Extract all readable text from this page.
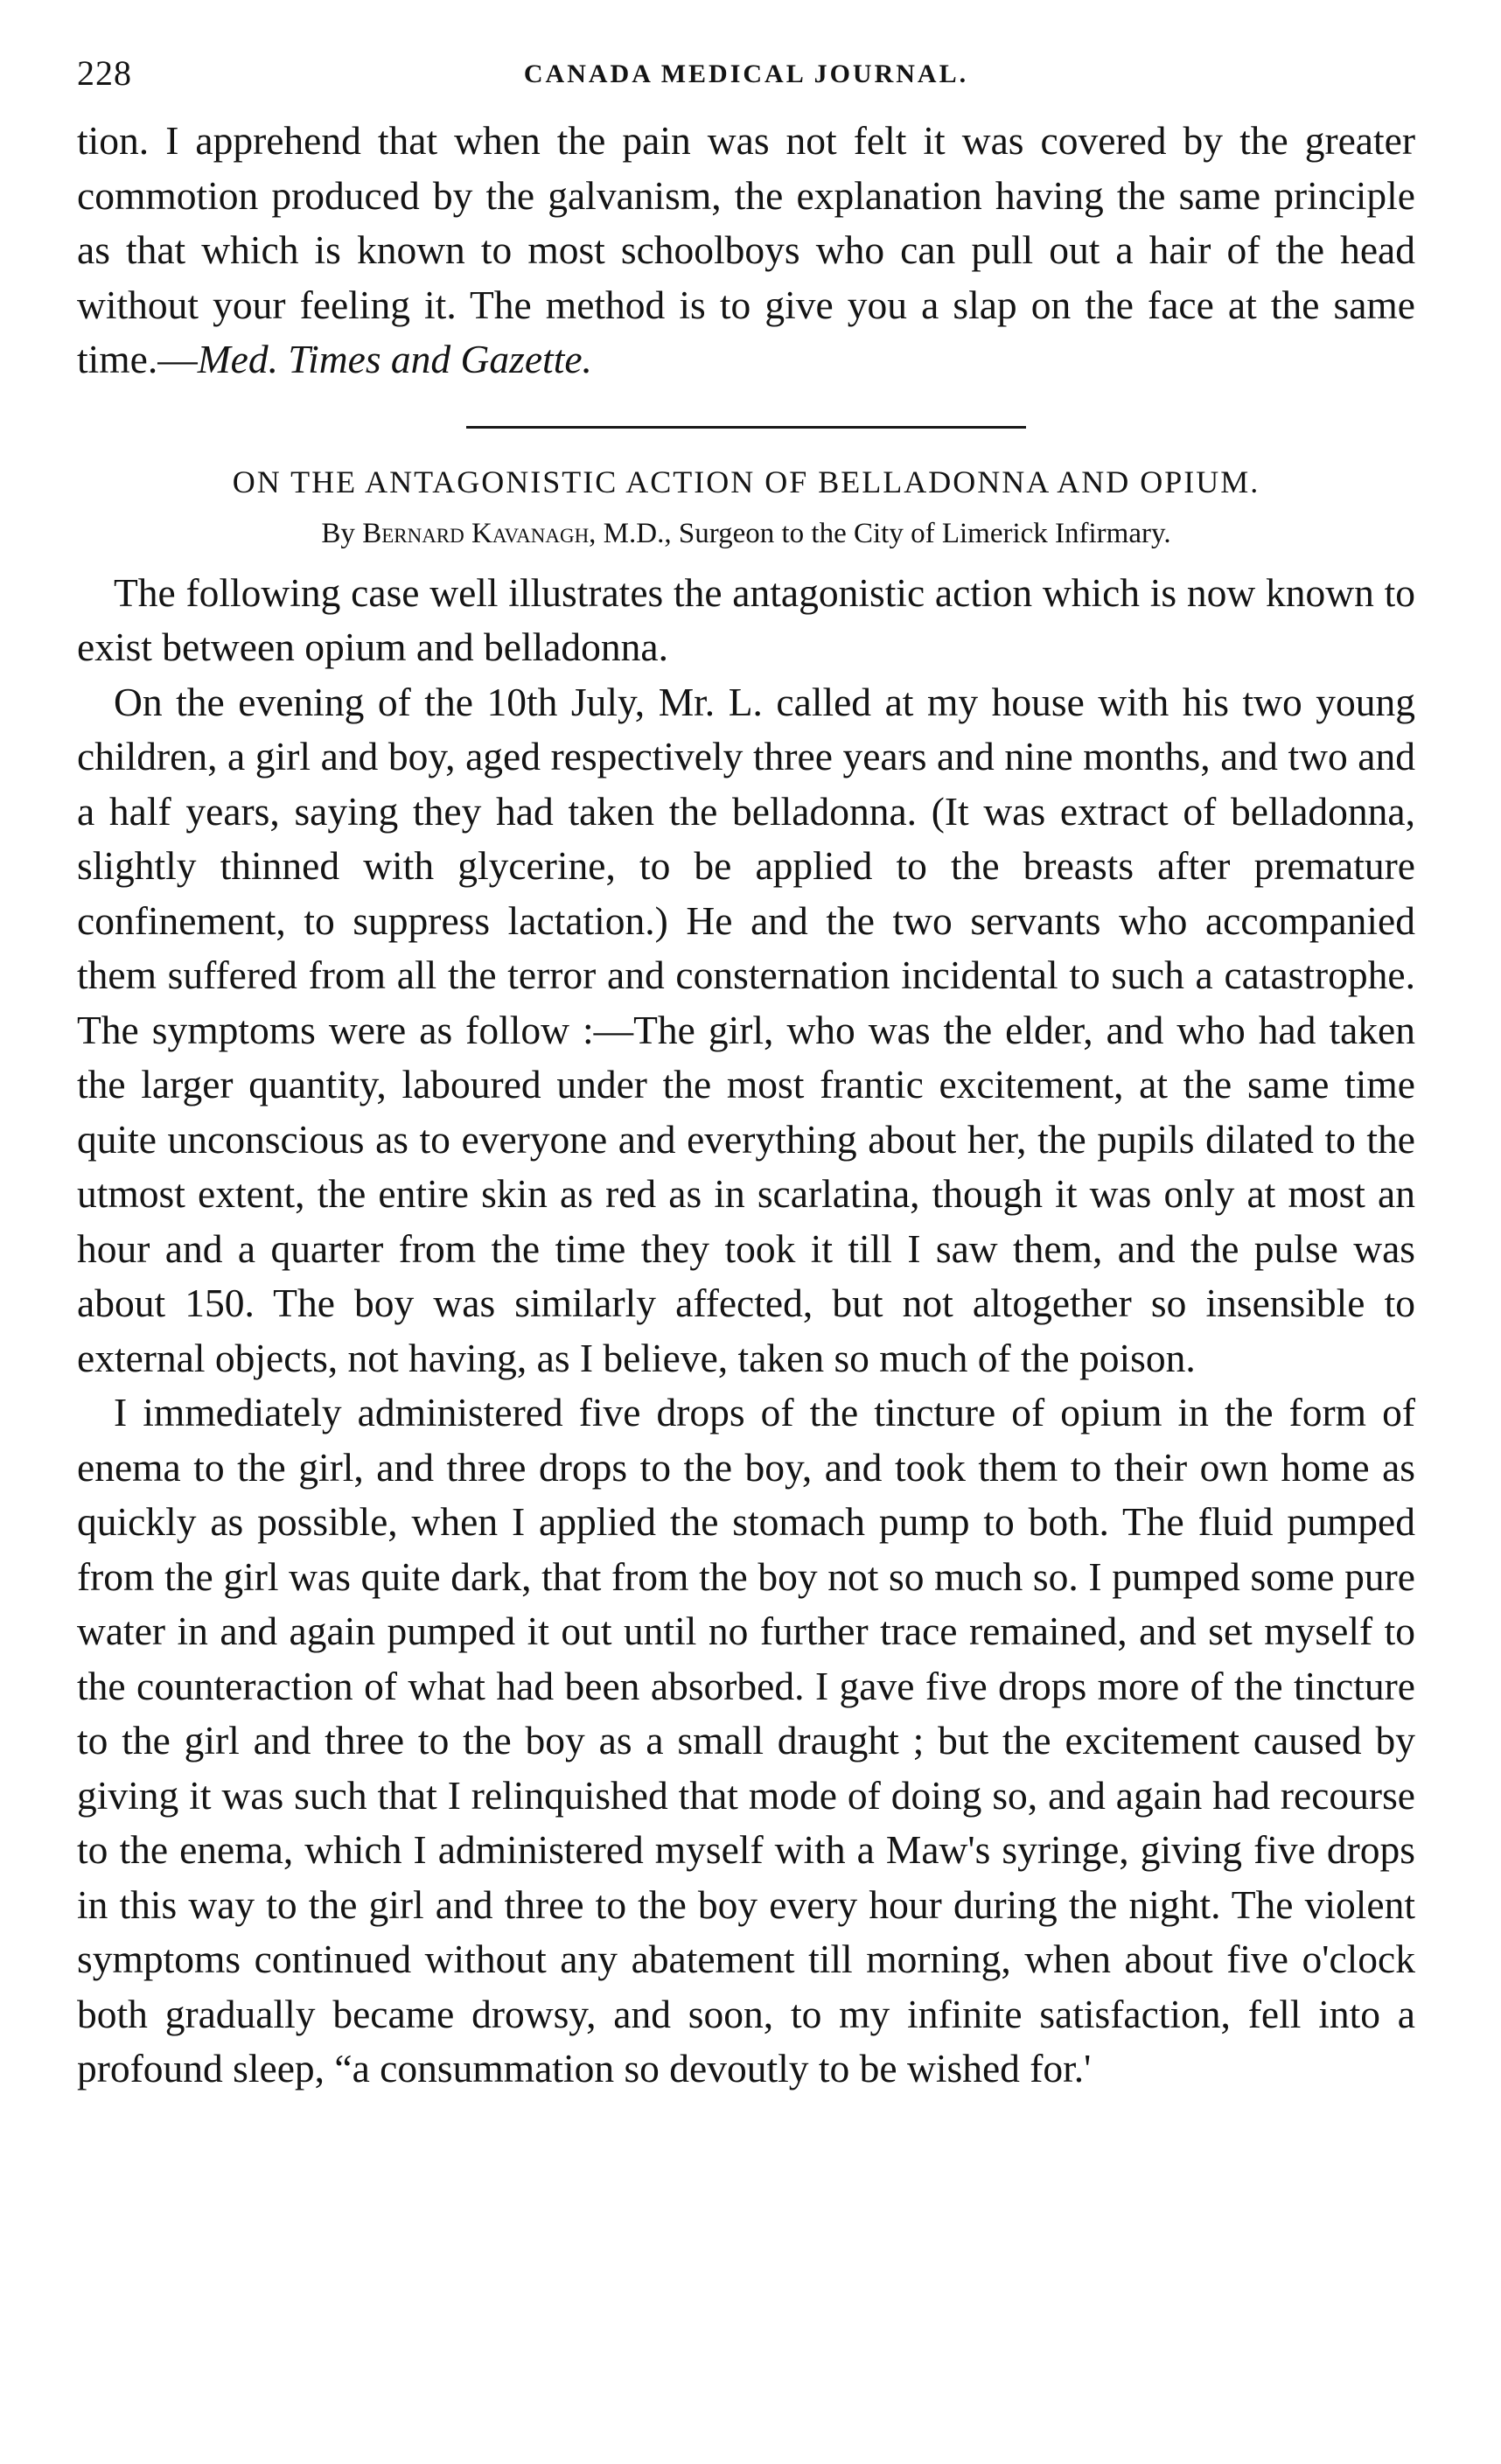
228	CANADA MEDICAL JOURNAL.

tion. I apprehend that when the pain was not felt it was covered by the greater commotion produced by the galvanism, the explanation having the same principle as that which is known to most schoolboys who can pull out a hair of the head without your feeling it. The method is to give you a slap on the face at the same time.—Med. Times and Gazette.

ON THE ANTAGONISTIC ACTION OF BELLADONNA AND OPIUM.
By Bernard Kavanagh, M.D., Surgeon to the City of Limerick Infirmary.

The following case well illustrates the antagonistic action which is now known to exist between opium and belladonna.

On the evening of the 10th July, Mr. L. called at my house with his two young children, a girl and boy, aged respectively three years and nine months, and two and a half years, saying they had taken the belladonna. (It was extract of belladonna, slightly thinned with glycerine, to be applied to the breasts after premature confinement, to suppress lactation.) He and the two servants who accompanied them suffered from all the terror and consternation incidental to such a catastrophe. The symptoms were as follow :—The girl, who was the elder, and who had taken the larger quantity, laboured under the most frantic excitement, at the same time quite unconscious as to everyone and everything about her, the pupils dilated to the utmost extent, the entire skin as red as in scarlatina, though it was only at most an hour and a quarter from the time they took it till I saw them, and the pulse was about 150. The boy was similarly affected, but not altogether so insensible to external objects, not having, as I believe, taken so much of the poison.

I immediately administered five drops of the tincture of opium in the form of enema to the girl, and three drops to the boy, and took them to their own home as quickly as possible, when I applied the stomach pump to both. The fluid pumped from the girl was quite dark, that from the boy not so much so. I pumped some pure water in and again pumped it out until no further trace remained, and set myself to the counteraction of what had been absorbed. I gave five drops more of the tincture to the girl and three to the boy as a small draught ; but the excitement caused by giving it was such that I relinquished that mode of doing so, and again had recourse to the enema, which I administered myself with a Maw's syringe, giving five drops in this way to the girl and three to the boy every hour during the night. The violent symptoms continued without any abatement till morning, when about five o'clock both gradually became drowsy, and soon, to my infinite satisfaction, fell into a profound sleep, “a consummation so devoutly to be wished for.'
